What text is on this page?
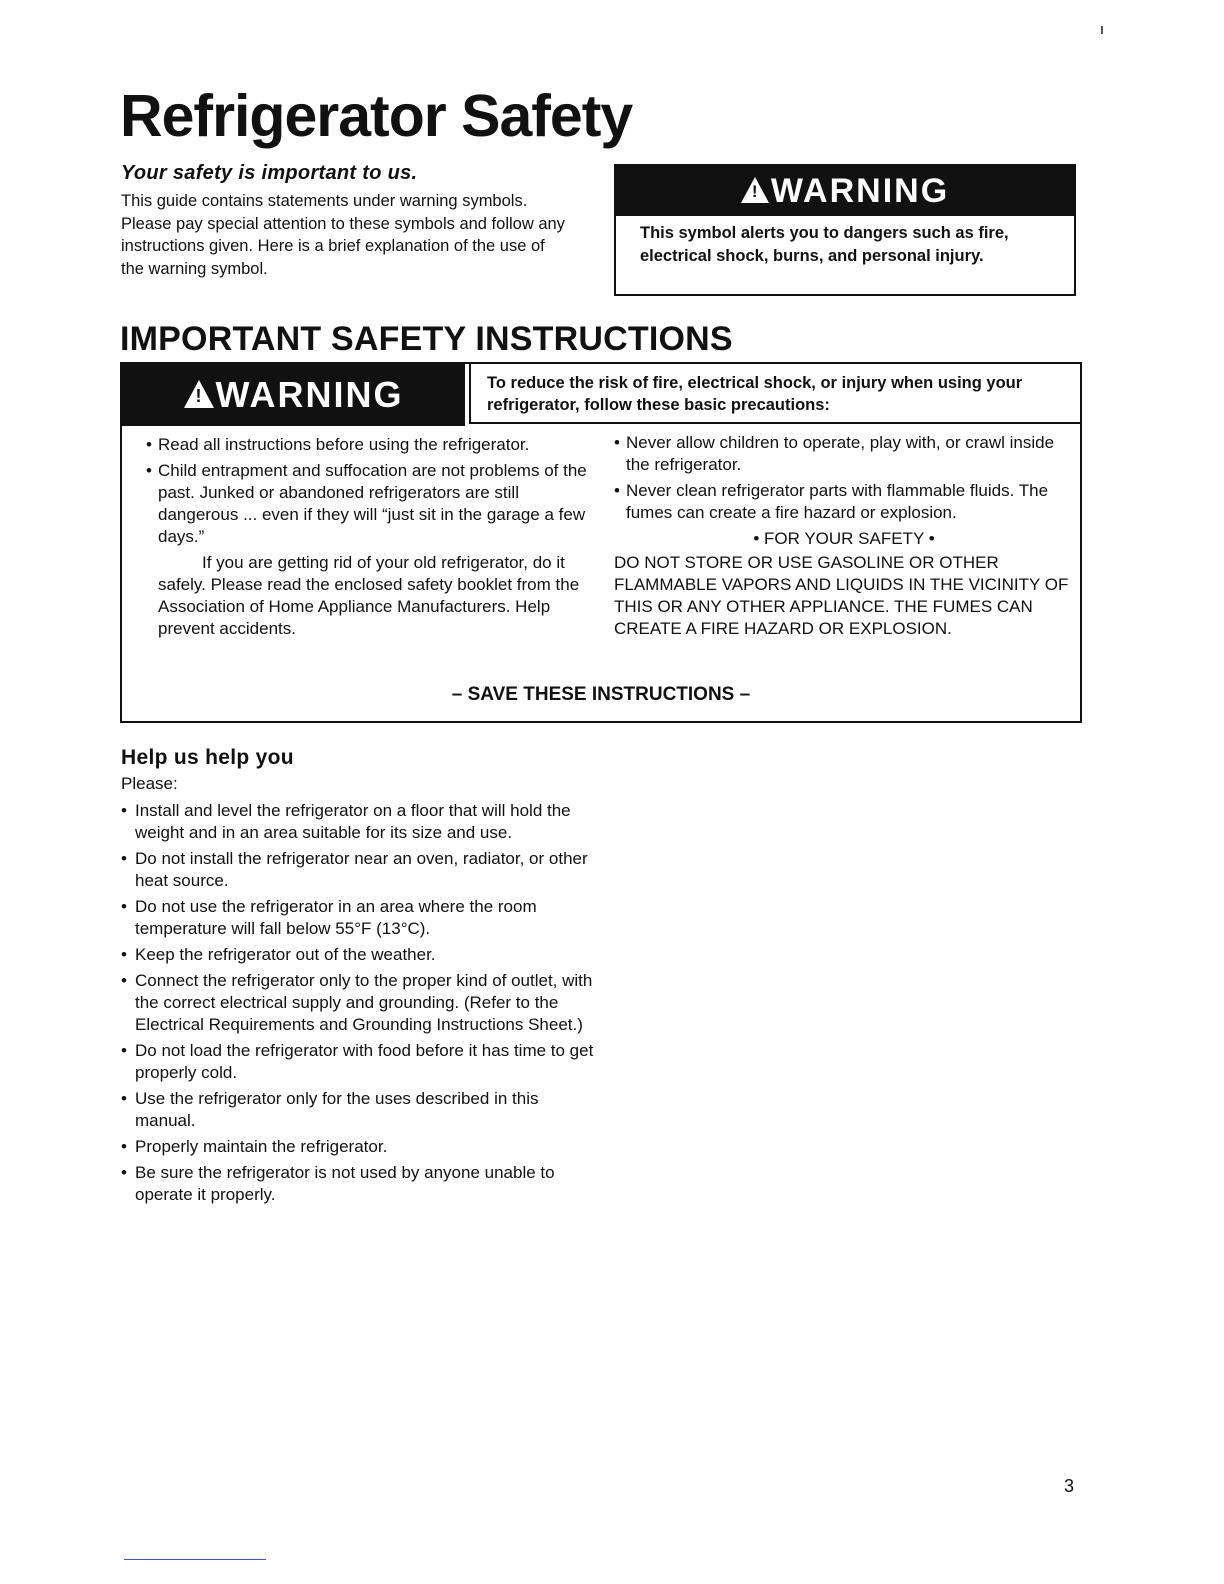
Refrigerator Safety
Your safety is important to us.

This guide contains statements under warning symbols. Please pay special attention to these symbols and follow any instructions given. Here is a brief explanation of the use of the warning symbol.

!
WARNING

This symbol alerts you to dangers such as fire, electrical shock, burns, and personal injury.

IMPORTANT SAFETY INSTRUCTIONS
!
WARNING	To reduce the risk of fire, electrical shock, or injury when using your refrigerator, follow these basic precautions:
• Read all instructions before using the refrigerator.
• Child entrapment and suffocation are not problems of the past. Junked or abandoned refrigerators are still dangerous ... even if they will “just sit in the garage a few days.”

If you are getting rid of your old refrigerator, do it safely. Please read the enclosed safety booklet from the Association of Home Appliance Manufacturers. Help prevent accidents.

• Never allow children to operate, play with, or crawl inside the refrigerator.
• Never clean refrigerator parts with flammable fluids. The fumes can create a fire hazard or explosion.

• FOR YOUR SAFETY •

DO NOT STORE OR USE GASOLINE OR OTHER FLAMMABLE VAPORS AND LIQUIDS IN THE VICINITY OF THIS OR ANY OTHER APPLIANCE. THE FUMES CAN CREATE A FIRE HAZARD OR EXPLOSION.

– SAVE THESE INSTRUCTIONS –

Help us help you

Please:

• Install and level the refrigerator on a floor that will hold the weight and in an area suitable for its size and use.
• Do not install the refrigerator near an oven, radiator, or other heat source.
• Do not use the refrigerator in an area where the room temperature will fall below 55°F (13°C).
• Keep the refrigerator out of the weather.
• Connect the refrigerator only to the proper kind of outlet, with the correct electrical supply and grounding. (Refer to the Electrical Requirements and Grounding Instructions Sheet.)
• Do not load the refrigerator with food before it has time to get properly cold.
• Use the refrigerator only for the uses described in this manual.
• Properly maintain the refrigerator.
• Be sure the refrigerator is not used by anyone unable to operate it properly.

3
